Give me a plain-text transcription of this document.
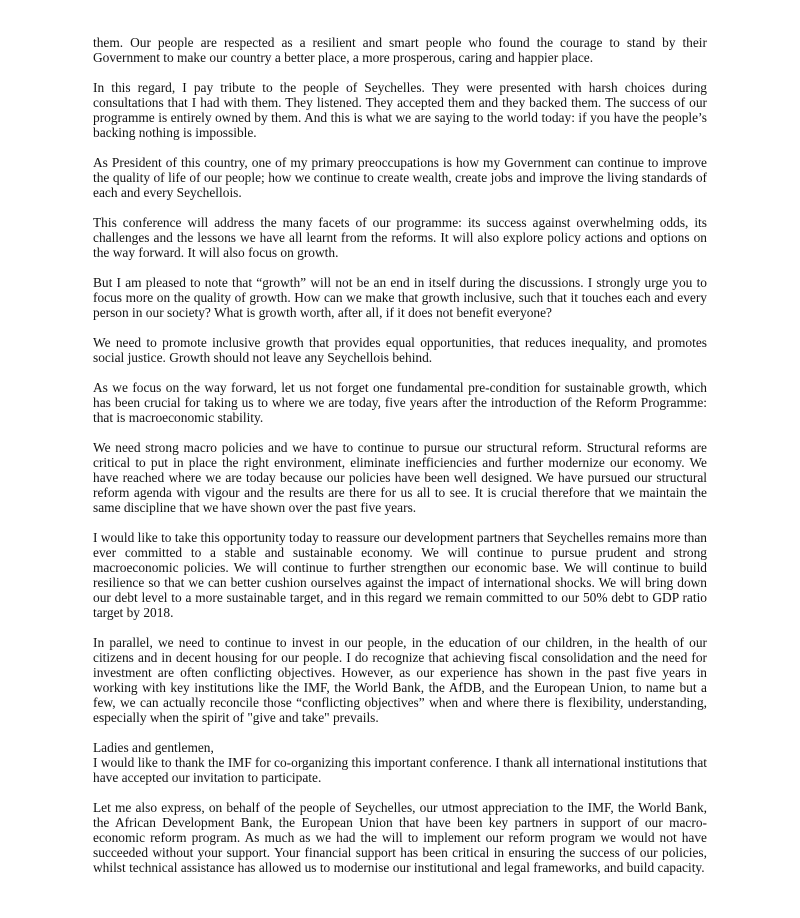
them. Our people are respected as a resilient and smart people who found the courage to stand by their Government to make our country a better place, a more prosperous, caring and happier place.

In this regard, I pay tribute to the people of Seychelles. They were presented with harsh choices during consultations that I had with them. They listened. They accepted them and they backed them. The success of our programme is entirely owned by them. And this is what we are saying to the world today: if you have the people’s backing nothing is impossible.

As President of this country, one of my primary preoccupations is how my Government can continue to improve the quality of life of our people; how we continue to create wealth, create jobs and improve the living standards of each and every Seychellois.

This conference will address the many facets of our programme: its success against overwhelming odds, its challenges and the lessons we have all learnt from the reforms. It will also explore policy actions and options on the way forward. It will also focus on growth.

But I am pleased to note that “growth” will not be an end in itself during the discussions. I strongly urge you to focus more on the quality of growth. How can we make that growth inclusive, such that it touches each and every person in our society? What is growth worth, after all, if it does not benefit everyone?

We need to promote inclusive growth that provides equal opportunities, that reduces inequality, and promotes social justice. Growth should not leave any Seychellois behind.

As we focus on the way forward, let us not forget one fundamental pre-condition for sustainable growth, which has been crucial for taking us to where we are today, five years after the introduction of the Reform Programme: that is macroeconomic stability.

We need strong macro policies and we have to continue to pursue our structural reform. Structural reforms are critical to put in place the right environment, eliminate inefficiencies and further modernize our economy. We have reached where we are today because our policies have been well designed. We have pursued our structural reform agenda with vigour and the results are there for us all to see. It is crucial therefore that we maintain the same discipline that we have shown over the past five years.

I would like to take this opportunity today to reassure our development partners that Seychelles remains more than ever committed to a stable and sustainable economy. We will continue to pursue prudent and strong macroeconomic policies. We will continue to further strengthen our economic base. We will continue to build resilience so that we can better cushion ourselves against the impact of international shocks. We will bring down our debt level to a more sustainable target, and in this regard we remain committed to our 50% debt to GDP ratio target by 2018.

In parallel, we need to continue to invest in our people, in the education of our children, in the health of our citizens and in decent housing for our people. I do recognize that achieving fiscal consolidation and the need for investment are often conflicting objectives. However, as our experience has shown in the past five years in working with key institutions like the IMF, the World Bank, the AfDB, and the European Union, to name but a few, we can actually reconcile those “conflicting objectives” when and where there is flexibility, understanding, especially when the spirit of "give and take" prevails.

Ladies and gentlemen,

I would like to thank the IMF for co-organizing this important conference. I thank all international institutions that have accepted our invitation to participate.

Let me also express, on behalf of the people of Seychelles, our utmost appreciation to the IMF, the World Bank, the African Development Bank, the European Union that have been key partners in support of our macro-economic reform program. As much as we had the will to implement our reform program we would not have succeeded without your support. Your financial support has been critical in ensuring the success of our policies, whilst technical assistance has allowed us to modernise our institutional and legal frameworks, and build capacity.
